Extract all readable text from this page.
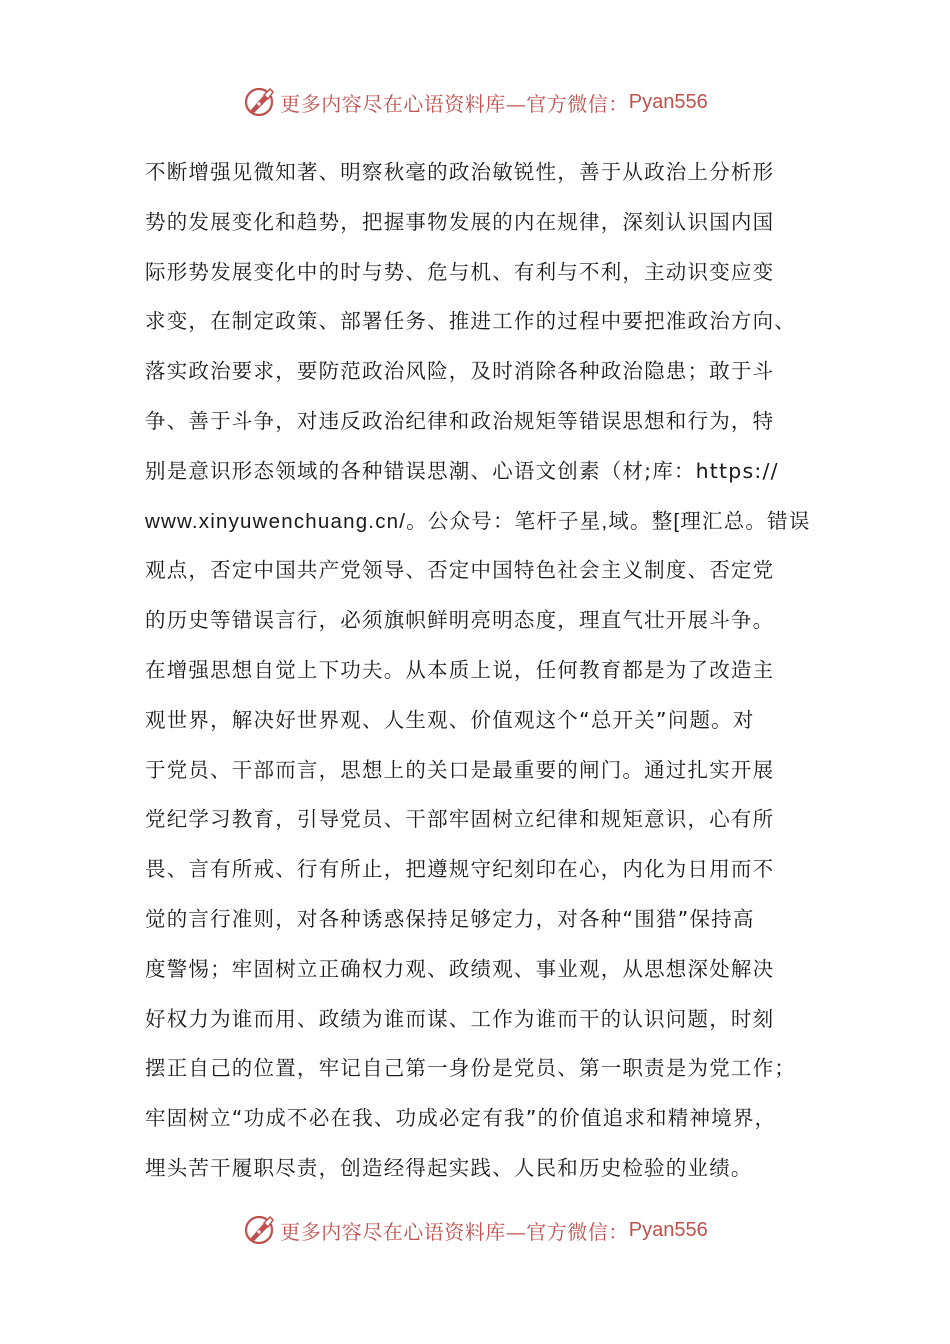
更多内容尽在心语资料库—官方微信： Pyan556
不断增强见微知著、明察秋毫的政治敏锐性，善于从政治上分析形
势的发展变化和趋势，把握事物发展的内在规律，深刻认识国内国
际形势发展变化中的时与势、危与机、有利与不利，主动识变应变
求变，在制定政策、部署任务、推进工作的过程中要把准政治方向、
落实政治要求，要防范政治风险，及时消除各种政治隐患；敢于斗
争、善于斗争，对违反政治纪律和政治规矩等错误思想和行为，特
别是意识形态领域的各种错误思潮、心语文创素（材;库：https://
www.xinyuwenchuang.cn/。公众号：笔杆子星,域。整[理汇总。错误
观点，否定中国共产党领导、否定中国特色社会主义制度、否定党
的历史等错误言行，必须旗帜鲜明亮明态度，理直气壮开展斗争。
在增强思想自觉上下功夫。从本质上说，任何教育都是为了改造主
观世界，解决好世界观、人生观、价值观这个“总开关”问题。对
于党员、干部而言，思想上的关口是最重要的闸门。通过扎实开展
党纪学习教育，引导党员、干部牢固树立纪律和规矩意识，心有所
畏、言有所戒、行有所止，把遵规守纪刻印在心，内化为日用而不
觉的言行准则，对各种诱惑保持足够定力，对各种“围猎”保持高
度警惕；牢固树立正确权力观、政绩观、事业观，从思想深处解决
好权力为谁而用、政绩为谁而谋、工作为谁而干的认识问题，时刻
摆正自己的位置，牢记自己第一身份是党员、第一职责是为党工作；
牢固树立“功成不必在我、功成必定有我”的价值追求和精神境界，
埋头苦干履职尽责，创造经得起实践、人民和历史检验的业绩。
更多内容尽在心语资料库—官方微信： Pyan556
